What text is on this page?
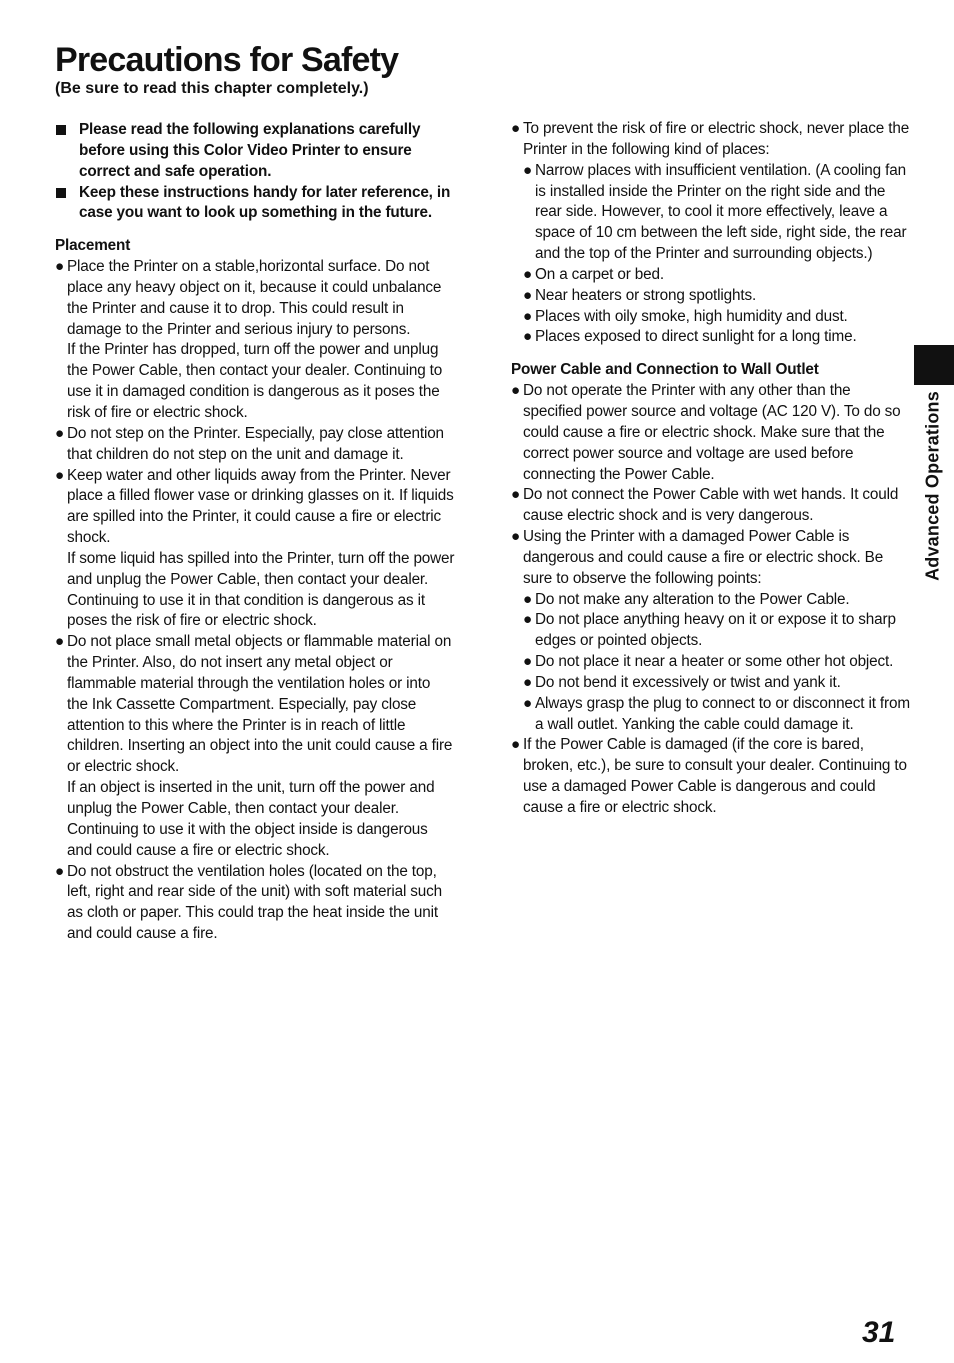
Precautions for Safety

(Be sure to read this chapter completely.)

Please read the following explanations carefully before using this Color Video Printer to ensure correct and safe operation.
Keep these instructions handy for later reference, in case you want to look up something in the future.

Placement

● Place the Printer on a stable,horizontal surface. Do not place any heavy object on it, because it could unbalance the Printer and cause it to drop. This could result in damage to the Printer and serious injury to persons.
If the Printer has dropped, turn off the power and unplug the Power Cable, then contact your dealer. Continuing to use it in damaged condition is dangerous as it poses the risk of fire or electric shock.
● Do not step on the Printer. Especially, pay close attention that children do not step on the unit and damage it.
● Keep water and other liquids away from the Printer. Never place a filled flower vase or drinking glasses on it. If liquids are spilled into the Printer, it could cause a fire or electric shock.
If some liquid has spilled into the Printer, turn off the power and unplug the Power Cable, then contact your dealer. Continuing to use it in that condition is dangerous as it poses the risk of fire or electric shock.
● Do not place small metal objects or flammable material on the Printer. Also, do not insert any metal object or flammable material through the ventilation holes or into the Ink Cassette Compartment. Especially, pay close attention to this where the Printer is in reach of little children. Inserting an object into the unit could cause a fire or electric shock.
If an object is inserted in the unit, turn off the power and unplug the Power Cable, then contact your dealer. Continuing to use it with the object inside is dangerous and could cause a fire or electric shock.
● Do not obstruct the ventilation holes (located on the top, left, right and rear side of the unit) with soft material such as cloth or paper. This could trap the heat inside the unit and could cause a fire.
● To prevent the risk of fire or electric shock, never place the Printer in the following kind of places:
● Narrow places with insufficient ventilation. (A cooling fan is installed inside the Printer on the right side and the rear side. However, to cool it more effectively, leave a space of 10 cm between the left side, right side, the rear and the top of the Printer and surrounding objects.)
● On a carpet or bed.
● Near heaters or strong spotlights.
● Places with oily smoke, high humidity and dust.
● Places exposed to direct sunlight for a long time.

Power Cable and Connection to Wall Outlet

● Do not operate the Printer with any other than the specified power source and voltage (AC 120 V). To do so could cause a fire or electric shock. Make sure that the correct power source and voltage are used before connecting the Power Cable.
● Do not connect the Power Cable with wet hands. It could cause electric shock and is very dangerous.
● Using the Printer with a damaged Power Cable is dangerous and could cause a fire or electric shock. Be sure to observe the following points:
● Do not make any alteration to the Power Cable.
● Do not place anything heavy on it or expose it to sharp edges or pointed objects.
● Do not place it near a heater or some other hot object.
● Do not bend it excessively or twist and yank it.
● Always grasp the plug to connect to or disconnect it from a wall outlet. Yanking the cable could damage it.
● If the Power Cable is damaged (if the core is bared, broken, etc.), be sure to consult your dealer. Continuing to use a damaged Power Cable is dangerous and could cause a fire or electric shock.
Advanced Operations
31
